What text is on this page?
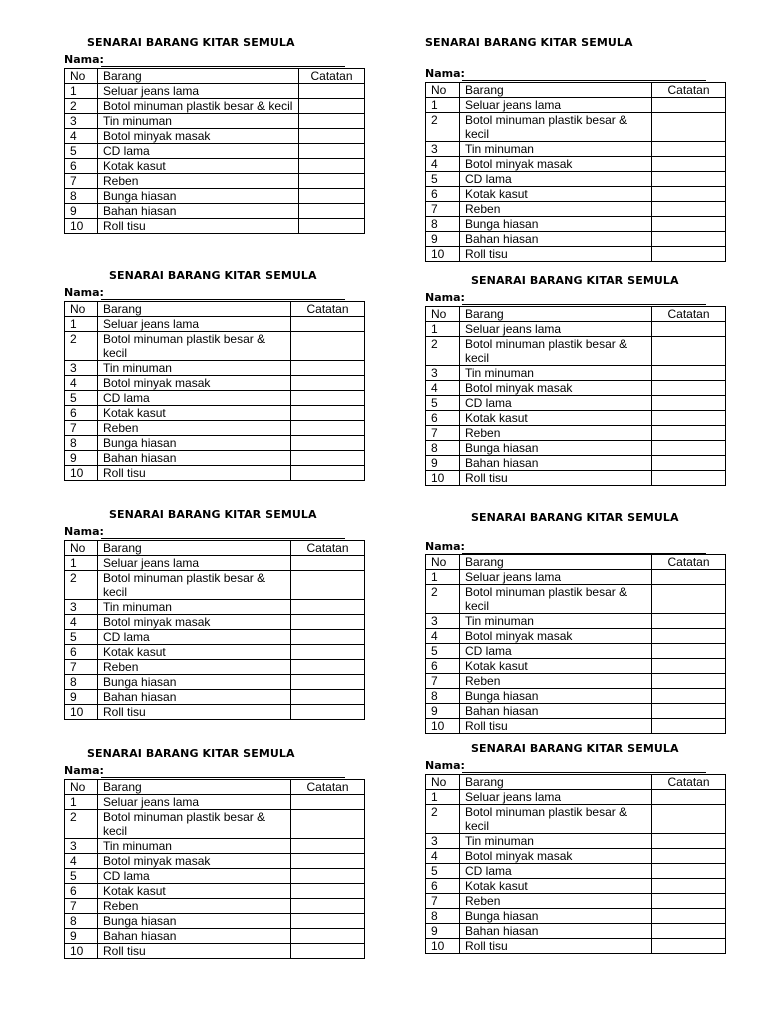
SENARAI BARANG KITAR SEMULA
Nama:
No	Barang	Catatan
1	Seluar jeans lama	
2	Botol minuman plastik besar & kecil	
3	Tin minuman	
4	Botol minyak masak	
5	CD lama	
6	Kotak kasut	
7	Reben	
8	Bunga hiasan	
9	Bahan hiasan	
10	Roll tisu	
SENARAI BARANG KITAR SEMULA
Nama:
No	Barang	Catatan
1	Seluar jeans lama	
2	Botol minuman plastik besar & kecil	
3	Tin minuman	
4	Botol minyak masak	
5	CD lama	
6	Kotak kasut	
7	Reben	
8	Bunga hiasan	
9	Bahan hiasan	
10	Roll tisu	
SENARAI BARANG KITAR SEMULA
Nama:
No	Barang	Catatan
1	Seluar jeans lama	
2	Botol minuman plastik besar & kecil	
3	Tin minuman	
4	Botol minyak masak	
5	CD lama	
6	Kotak kasut	
7	Reben	
8	Bunga hiasan	
9	Bahan hiasan	
10	Roll tisu	
SENARAI BARANG KITAR SEMULA
Nama:
No	Barang	Catatan
1	Seluar jeans lama	
2	Botol minuman plastik besar & kecil	
3	Tin minuman	
4	Botol minyak masak	
5	CD lama	
6	Kotak kasut	
7	Reben	
8	Bunga hiasan	
9	Bahan hiasan	
10	Roll tisu	
SENARAI BARANG KITAR SEMULA
Nama:
No	Barang	Catatan
1	Seluar jeans lama	
2	Botol minuman plastik besar & kecil	
3	Tin minuman	
4	Botol minyak masak	
5	CD lama	
6	Kotak kasut	
7	Reben	
8	Bunga hiasan	
9	Bahan hiasan	
10	Roll tisu	
SENARAI BARANG KITAR SEMULA
Nama:
No	Barang	Catatan
1	Seluar jeans lama	
2	Botol minuman plastik besar & kecil	
3	Tin minuman	
4	Botol minyak masak	
5	CD lama	
6	Kotak kasut	
7	Reben	
8	Bunga hiasan	
9	Bahan hiasan	
10	Roll tisu	
SENARAI BARANG KITAR SEMULA
Nama:
No	Barang	Catatan
1	Seluar jeans lama	
2	Botol minuman plastik besar & kecil	
3	Tin minuman	
4	Botol minyak masak	
5	CD lama	
6	Kotak kasut	
7	Reben	
8	Bunga hiasan	
9	Bahan hiasan	
10	Roll tisu	
SENARAI BARANG KITAR SEMULA
Nama:
No	Barang	Catatan
1	Seluar jeans lama	
2	Botol minuman plastik besar & kecil	
3	Tin minuman	
4	Botol minyak masak	
5	CD lama	
6	Kotak kasut	
7	Reben	
8	Bunga hiasan	
9	Bahan hiasan	
10	Roll tisu	
